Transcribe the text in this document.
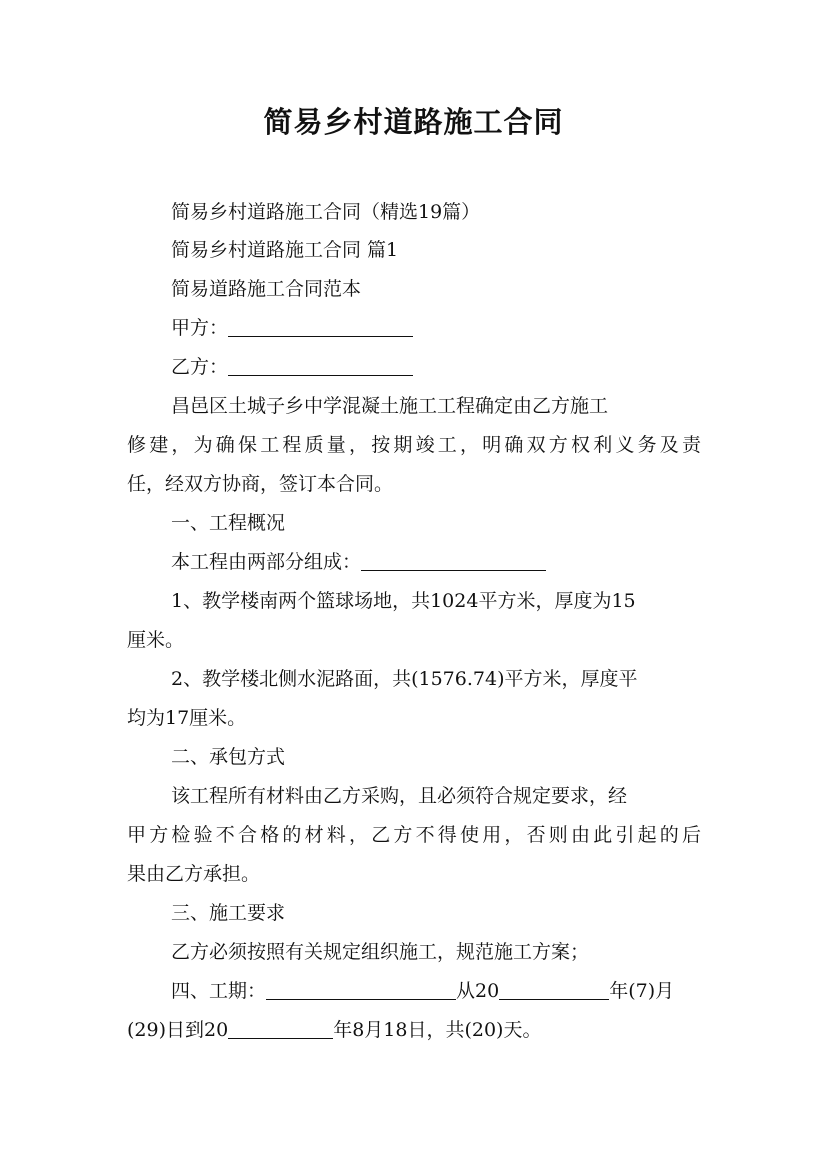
简易乡村道路施工合同
简易乡村道路施工合同（精选19篇）
简易乡村道路施工合同 篇1
简易道路施工合同范本
甲方：
乙方：
昌邑区土城子乡中学混凝土施工工程确定由乙方施工
修建，为确保工程质量，按期竣工，明确双方权利义务及责
任，经双方协商，签订本合同。
一、工程概况
本工程由两部分组成：
1、教学楼南两个篮球场地，共1024平方米，厚度为15
厘米。
2、教学楼北侧水泥路面，共(1576.74)平方米，厚度平
均为17厘米。
二、承包方式
该工程所有材料由乙方采购，且必须符合规定要求，经
甲方检验不合格的材料，乙方不得使用，否则由此引起的后
果由乙方承担。
三、施工要求
乙方必须按照有关规定组织施工，规范施工方案；
四、工期：	从20	年(7)月
(29)日到20	年8月18日，共(20)天。
